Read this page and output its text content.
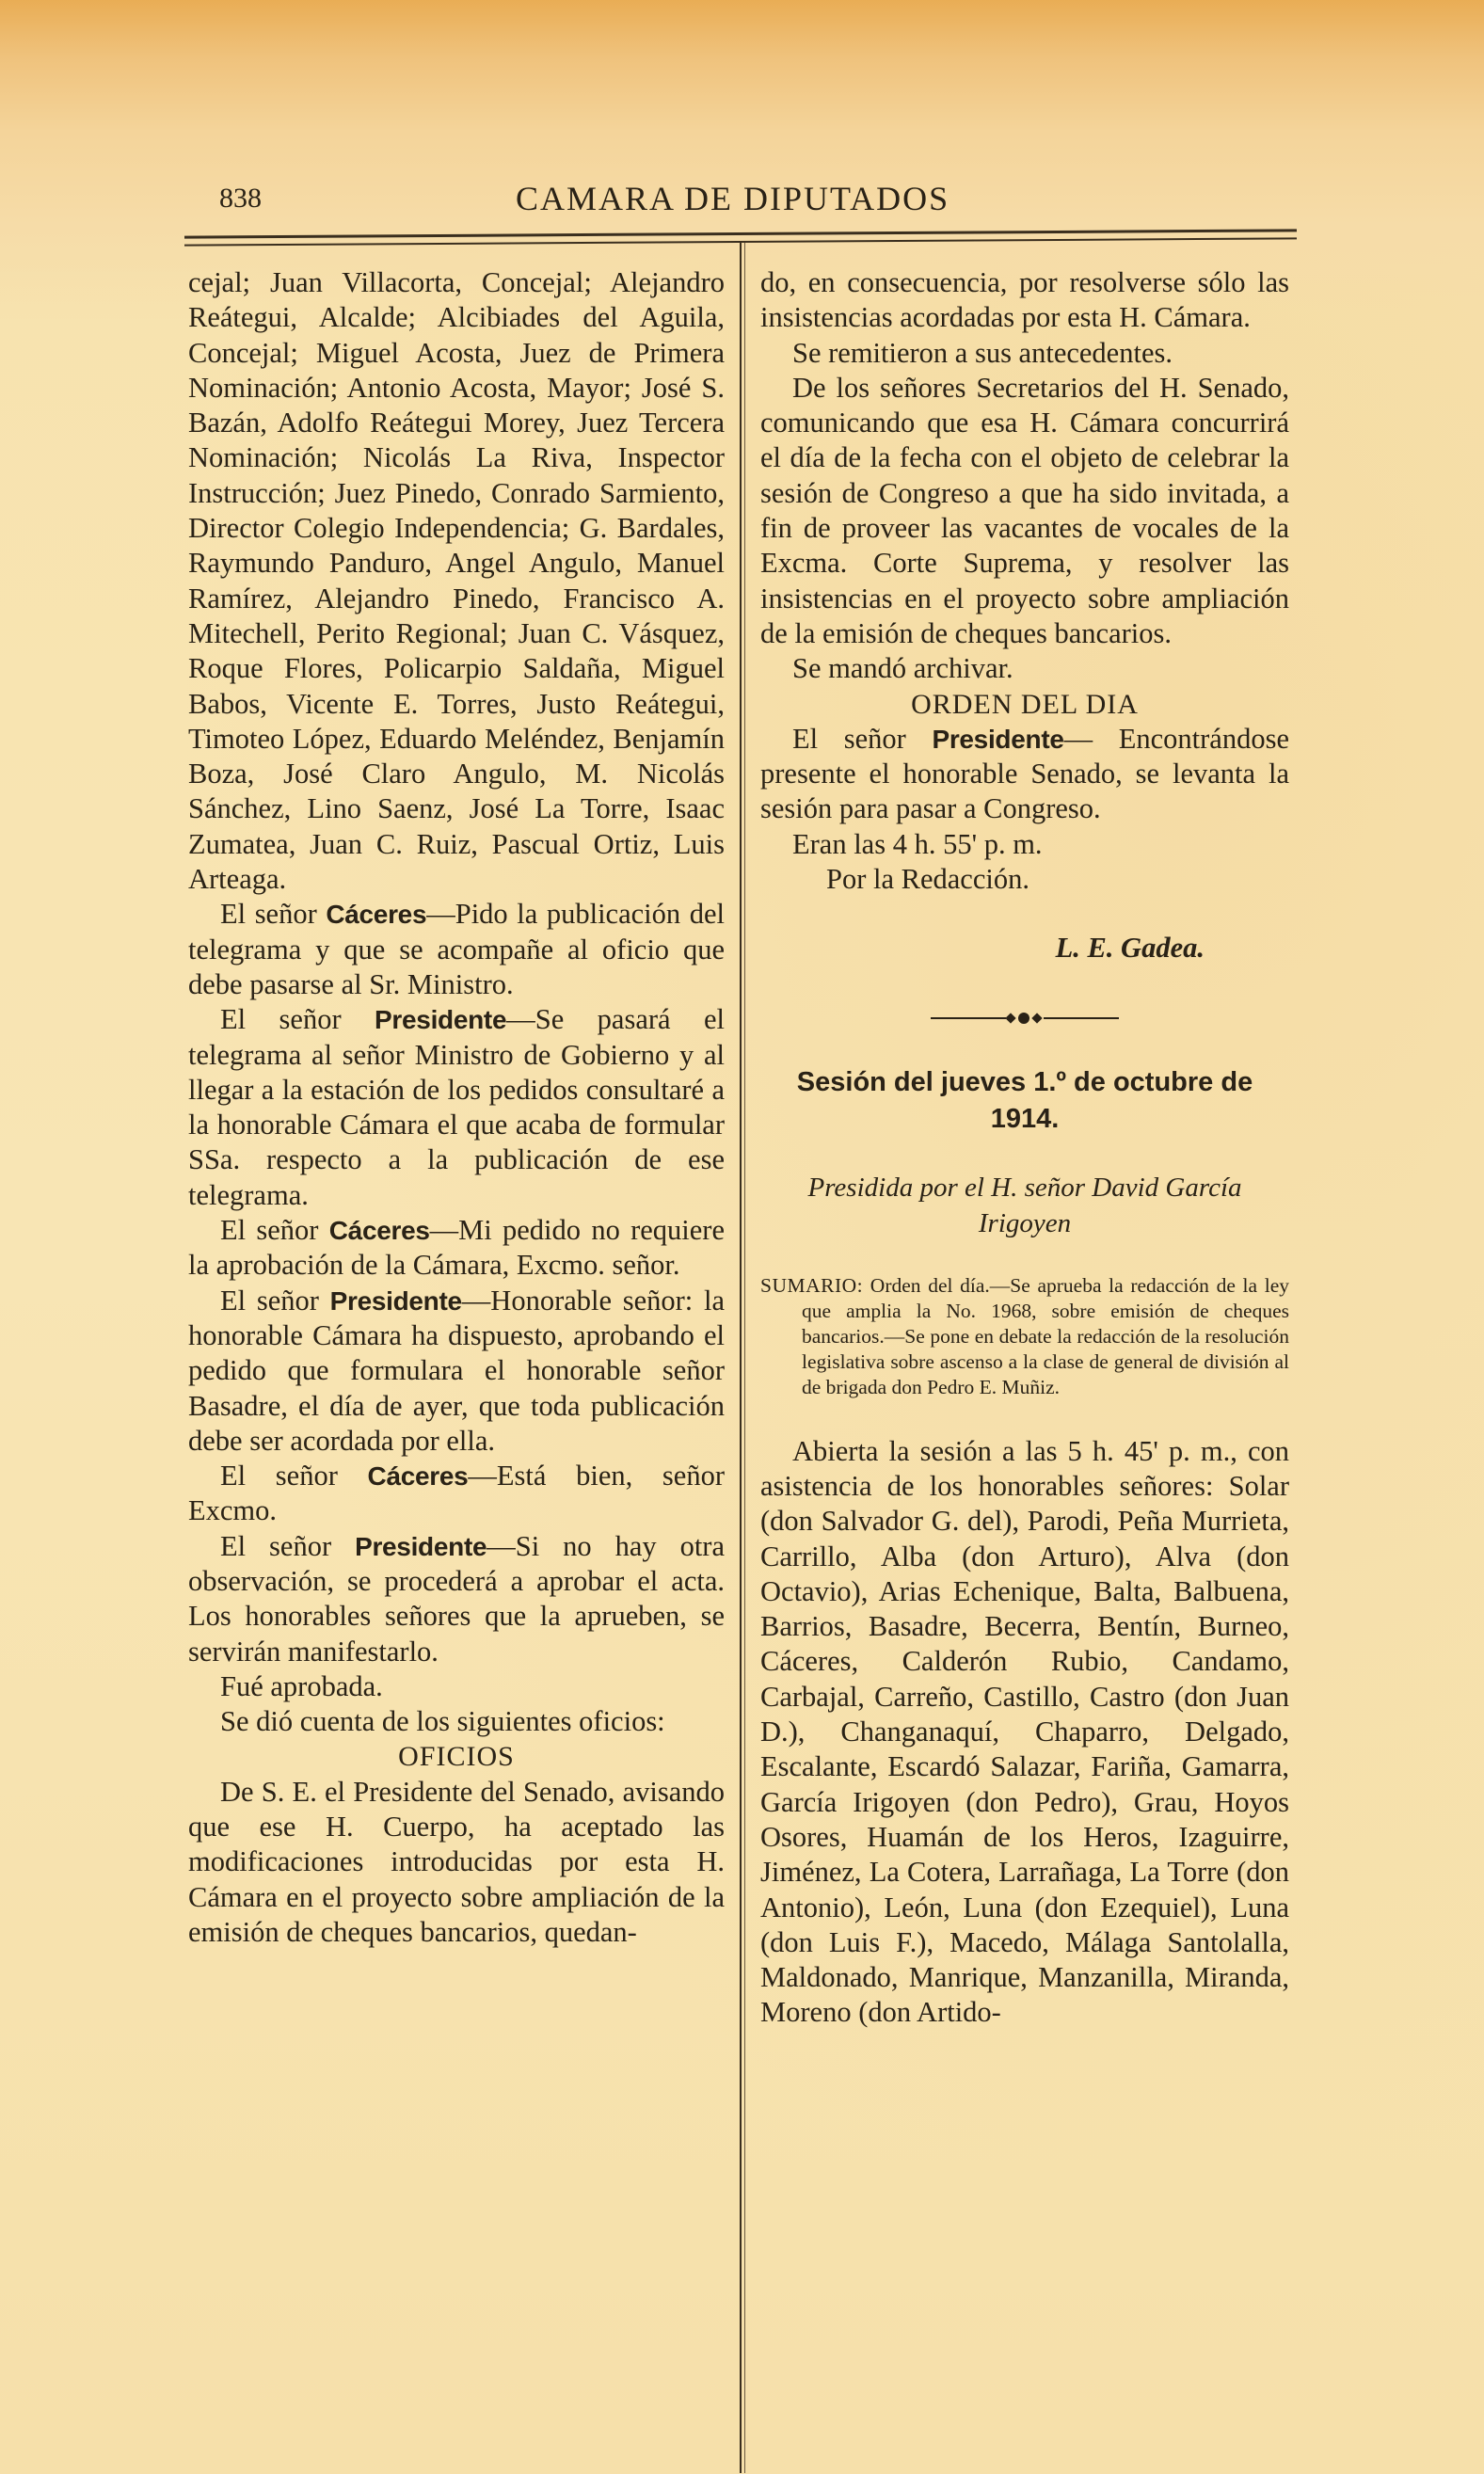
838	CAMARA DE DIPUTADOS

cejal; Juan Villacorta, Concejal; Alejandro Reátegui, Alcalde; Alcibiades del Aguila, Concejal; Miguel Acosta, Juez de Primera Nominación; Antonio Acosta, Mayor; José S. Bazán, Adolfo Reátegui Morey, Juez Tercera Nominación; Nicolás La Riva, Inspector Instrucción; Juez Pinedo, Conrado Sarmiento, Director Colegio Independencia; G. Bardales, Raymundo Panduro, Angel Angulo, Manuel Ramírez, Alejandro Pinedo, Francisco A. Mitechell, Perito Regional; Juan C. Vásquez, Roque Flores, Policarpio Saldaña, Miguel Babos, Vicente E. Torres, Justo Reátegui, Timoteo López, Eduardo Meléndez, Benjamín Boza, José Claro Angulo, M. Nicolás Sánchez, Lino Saenz, José La Torre, Isaac Zumatea, Juan C. Ruiz, Pascual Ortiz, Luis Arteaga.

El señor Cáceres—Pido la publicación del telegrama y que se acompañe al oficio que debe pasarse al Sr. Ministro.

El señor Presidente—Se pasará el telegrama al señor Ministro de Gobierno y al llegar a la estación de los pedidos consultaré a la honorable Cámara el que acaba de formular SSa. respecto a la publicación de ese telegrama.

El señor Cáceres—Mi pedido no requiere la aprobación de la Cámara, Excmo. señor.

El señor Presidente—Honorable señor: la honorable Cámara ha dispuesto, aprobando el pedido que formulara el honorable señor Basadre, el día de ayer, que toda publicación debe ser acordada por ella.

El señor Cáceres—Está bien, señor Excmo.

El señor Presidente—Si no hay otra observación, se procederá a aprobar el acta. Los honorables señores que la aprueben, se servirán manifestarlo.

Fué aprobada.

Se dió cuenta de los siguientes oficios:

OFICIOS

De S. E. el Presidente del Senado, avisando que ese H. Cuerpo, ha aceptado las modificaciones introducidas por esta H. Cámara en el proyecto sobre ampliación de la emisión de cheques bancarios, quedan-

do, en consecuencia, por resolverse sólo las insistencias acordadas por esta H. Cámara.

Se remitieron a sus antecedentes.

De los señores Secretarios del H. Senado, comunicando que esa H. Cámara concurrirá el día de la fecha con el objeto de celebrar la sesión de Congreso a que ha sido invitada, a fin de proveer las vacantes de vocales de la Excma. Corte Suprema, y resolver las insistencias en el proyecto sobre ampliación de la emisión de cheques bancarios.

Se mandó archivar.

ORDEN DEL DIA

El señor Presidente— Encontrándose presente el honorable Senado, se levanta la sesión para pasar a Congreso.

Eran las 4 h. 55' p. m.

Por la Redacción.

L. E. Gadea.

Sesión del jueves 1.º de octubre de 1914.

Presidida por el H. señor David García Irigoyen

SUMARIO: Orden del día.—Se aprueba la redacción de la ley que amplia la No. 1968, sobre emisión de cheques bancarios.—Se pone en debate la redacción de la resolución legislativa sobre ascenso a la clase de general de división al de brigada don Pedro E. Muñiz.

Abierta la sesión a las 5 h. 45' p. m., con asistencia de los honorables señores: Solar (don Salvador G. del), Parodi, Peña Murrieta, Carrillo, Alba (don Arturo), Alva (don Octavio), Arias Echenique, Balta, Balbuena, Barrios, Basadre, Becerra, Bentín, Burneo, Cáceres, Calderón Rubio, Candamo, Carbajal, Carreño, Castillo, Castro (don Juan D.), Changanaquí, Chaparro, Delgado, Escalante, Escardó Salazar, Fariña, Gamarra, García Irigoyen (don Pedro), Grau, Hoyos Osores, Huamán de los Heros, Izaguirre, Jiménez, La Cotera, Larrañaga, La Torre (don Antonio), León, Luna (don Ezequiel), Luna (don Luis F.), Macedo, Málaga Santolalla, Maldonado, Manrique, Manzanilla, Miranda, Moreno (don Artido-
